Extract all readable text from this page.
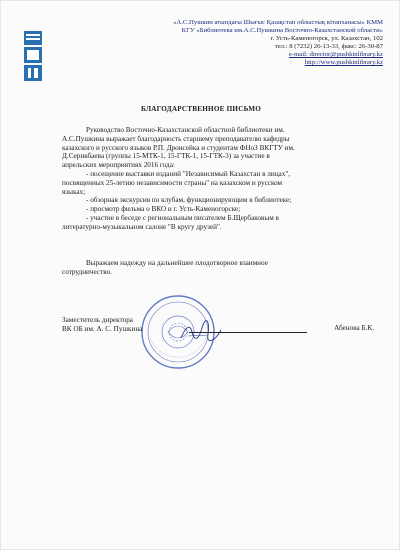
«А.С.Пушкин атындағы Шығыс Қазақстан облыстық кітапханасы» КММ
КГУ «Библиотека им.А.С.Пушкина Восточно-Казахстанской области»
г. Усть-Каменогорск, ул. Казахстан, 102
тел.: 8 (7232) 26-13-33, факс: 26-30-87
e-mail: director@pushkinlibrary.kz
http://www.pushkinlibrary.kz
БЛАГОДАРСТВЕННОЕ ПИСЬМО

Руководство Восточно-Казахстанской областной библиотеки им.

А.С.Пушкина выражает благодарность старшему преподавателю кафедры

казахского и русского языков Р.П. Дронсейка и студентам ФНоЗ ВКГТУ им.

Д.Серикбаева (группы 15-МТК-1, 15-ГТК-1, 15-ГТК-3) за участие в

апрельских мероприятиях 2016 года:

- посещение выставки изданий "Независимый Казахстан в лицах",

посвященных 25-летию независимости страны" на казахском и русском

языках;

- обзорная экскурсия по клубам, функционирующим в библиотеке;

- просмотр фильма о ВКО и г. Усть-Каменогорске;

- участие в беседе с региональным писателем Б.Щербаковым в

литературно-музыкальном салоне "В кругу друзей".

Выражаем надежду на дальнейшее плодотворное взаимное

сотрудничество.

Заместитель директора
ВК ОБ им. А. С. Пушкина	Абенова Б.К.
